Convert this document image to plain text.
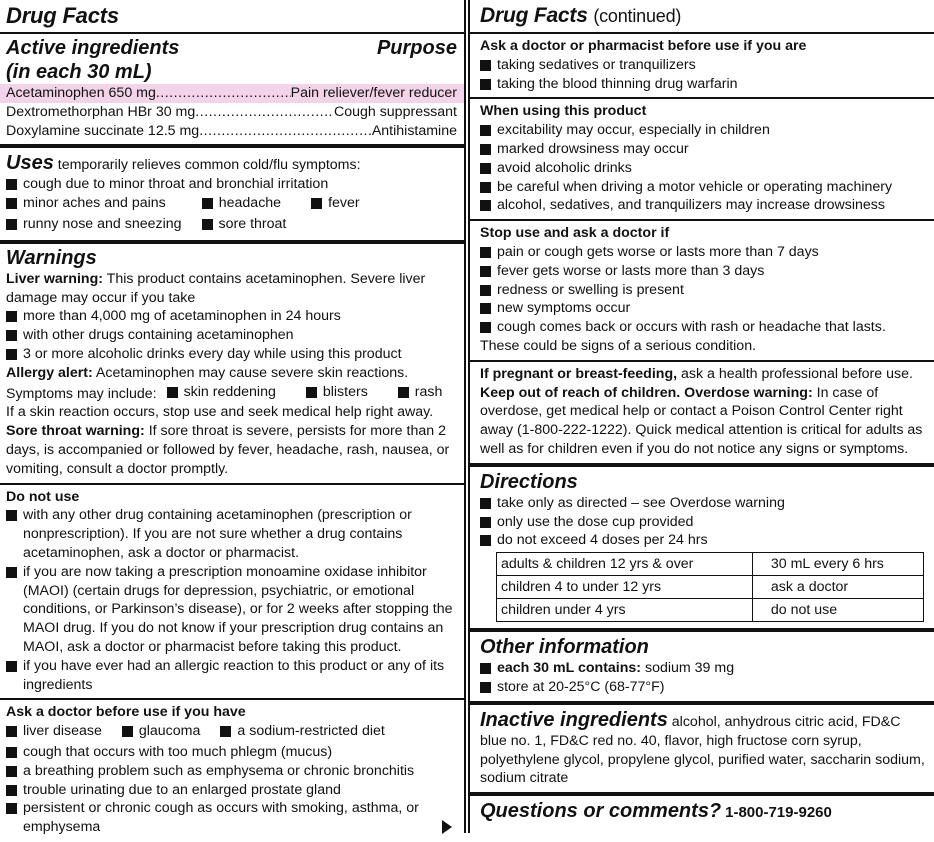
Drug Facts
Active ingredients
(in each 30 mL)
Purpose
Acetaminophen 650 mg .....	Pain reliever/fever reducer
Dextromethorphan HBr 30 mg .....	Cough suppressant
Doxylamine succinate 12.5 mg .....	Antihistamine
Uses temporarily relieves common cold/flu symptoms:
cough due to minor throat and bronchial irritation
minor aches and pains	headache	fever
runny nose and sneezing	sore throat
Warnings
Liver warning: This product contains acetaminophen. Severe liver damage may occur if you take
more than 4,000 mg of acetaminophen in 24 hours
with other drugs containing acetaminophen
3 or more alcoholic drinks every day while using this product
Allergy alert: Acetaminophen may cause severe skin reactions.
Symptoms may include: skin reddening	blisters	rash
If a skin reaction occurs, stop use and seek medical help right away.
Sore throat warning: If sore throat is severe, persists for more than 2 days, is accompanied or followed by fever, headache, rash, nausea, or vomiting, consult a doctor promptly.
Do not use
with any other drug containing acetaminophen (prescription or nonprescription). If you are not sure whether a drug contains acetaminophen, ask a doctor or pharmacist.
if you are now taking a prescription monoamine oxidase inhibitor (MAOI) (certain drugs for depression, psychiatric, or emotional conditions, or Parkinson’s disease), or for 2 weeks after stopping the MAOI drug. If you do not know if your prescription drug contains an MAOI, ask a doctor or pharmacist before taking this product.
if you have ever had an allergic reaction to this product or any of its ingredients
Ask a doctor before use if you have
liver disease	glaucoma	a sodium-restricted diet
cough that occurs with too much phlegm (mucus)
a breathing problem such as emphysema or chronic bronchitis
trouble urinating due to an enlarged prostate gland
persistent or chronic cough as occurs with smoking, asthma, or emphysema
Drug Facts (continued)
Ask a doctor or pharmacist before use if you are
taking sedatives or tranquilizers
taking the blood thinning drug warfarin
When using this product
excitability may occur, especially in children
marked drowsiness may occur
avoid alcoholic drinks
be careful when driving a motor vehicle or operating machinery
alcohol, sedatives, and tranquilizers may increase drowsiness
Stop use and ask a doctor if
pain or cough gets worse or lasts more than 7 days
fever gets worse or lasts more than 3 days
redness or swelling is present
new symptoms occur
cough comes back or occurs with rash or headache that lasts.
These could be signs of a serious condition.
If pregnant or breast-feeding, ask a health professional before use.
Keep out of reach of children. Overdose warning: In case of overdose, get medical help or contact a Poison Control Center right away (1-800-222-1222). Quick medical attention is critical for adults as well as for children even if you do not notice any signs or symptoms.
Directions
take only as directed – see Overdose warning
only use the dose cup provided
do not exceed 4 doses per 24 hrs
adults & children 12 yrs & over	30 mL every 6 hrs
children 4 to under 12 yrs	ask a doctor
children under 4 yrs	do not use
Other information
each 30 mL contains: sodium 39 mg
store at 20-25°C (68-77°F)
Inactive ingredients alcohol, anhydrous citric acid, FD&C blue no. 1, FD&C red no. 40, flavor, high fructose corn syrup, polyethylene glycol, propylene glycol, purified water, saccharin sodium, sodium citrate
Questions or comments? 1-800-719-9260
